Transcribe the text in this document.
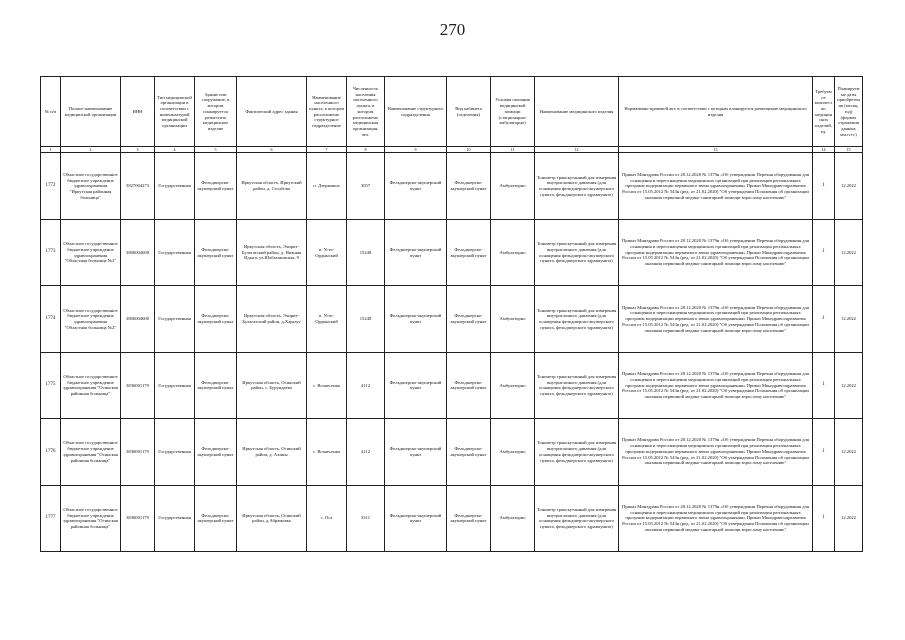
270
№ п/п	Полное наименование медицинской организации	ИНН	Тип медицинской организации в соответствии с номенклатурой медицинской организации	Здание или сооружение, в котором планируется разместить медицинское изделие	Фактический адрес здания	Наименование населенного пункта, в котором расположено структурное подразделение	Численность населения населенного пункта, в котором расположено медицинская организация, чел.	Наименование структурного подразделения	Вид кабинета (отделения)	Условия оказания медицинской помощи (стационарно/амбулаторно)	Наименование медицинского изделия	Нормативно-правовой акт, в соответствии с которым планируется размещение медицинского изделия	Требуемое количество медицинских изделий, ед.	Планируемые даты приобретения (месяц, год) (формат отражения данных мм.гггг.)
1	2	3	4	5	6	7	8	9	10	11	12	13	14	15
1772	Областное государственное бюджетное учреждение здравоохранения "Иркутская районная больница"	3827004273	Государственная	Фельдшерско-акушерский пункт	Иркутская область, Иркутский район, д. Столбова	п. Дзержинск	3057	Фельдшерско-акушерский пункт	Фельдшерско-акушерский пункт	Амбулаторно	Тонометр транскутанный для измерения внутриглазного давления (для оснащения фельдшерско-акушерского пункта, фельдшерского здравпункта)	Приказ Минздрава России от 28.12.2020 № 1379н «Об утверждении Перечня оборудования для оснащения и переоснащения медицинских организаций при реализации региональных программ модернизации первичного звена здравоохранения» Приказ Минздравсоцразвития России от 15.05.2012 № 543н (ред. от 21.02.2020) "Об утверждении Положения об организации оказания первичной медико-санитарной помощи взрослому населению"	1	12.2022
1773	Областное государственное бюджетное учреждение здравоохранения "Областная больница №2"	3806004600	Государственная	Фельдшерско-акушерский пункт	Иркутская область, Эхирит-Булагатский район, д. Нижняя Идыга, ул.Шабагаковская, 9	п. Усть-Ордынский	15248	Фельдшерско-акушерский пункт	Фельдшерско-акушерский пункт	Амбулаторно	Тонометр транскутанный для измерения внутриглазного давления (для оснащения фельдшерско-акушерского пункта, фельдшерского здравпункта)	Приказ Минздрава России от 28.12.2020 № 1379н «Об утверждении Перечня оборудования для оснащения и переоснащения медицинских организаций при реализации региональных программ модернизации первичного звена здравоохранения» Приказ Минздравсоцразвития России от 15.05.2012 № 543н (ред. от 21.02.2020) "Об утверждении Положения об организации оказания первичной медико-санитарной помощи взрослому населению"	1	12.2022
1774	Областное государственное бюджетное учреждение здравоохранения "Областная больница №2"	3806004600	Государственная	Фельдшерско-акушерский пункт	Иркутская область, Эхирит-Булагатский район, д.Харазут	п. Усть-Ордынский	15248	Фельдшерско-акушерский пункт	Фельдшерско-акушерский пункт	Амбулаторно	Тонометр транскутанный для измерения внутриглазного давления (для оснащения фельдшерско-акушерского пункта, фельдшерского здравпункта)	Приказ Минздрава России от 28.12.2020 № 1379н «Об утверждении Перечня оборудования для оснащения и переоснащения медицинских организаций при реализации региональных программ модернизации первичного звена здравоохранения» Приказ Минздравсоцразвития России от 15.05.2012 № 543н (ред. от 21.02.2020) "Об утверждении Положения об организации оказания первичной медико-санитарной помощи взрослому населению"	1	12.2022
1775	Областное государственное бюджетное учреждение здравоохранения "Осинская районная больница"	3836001179	Государственная	Фельдшерско-акушерский пункт	Иркутская область, Осинский район, с. Бурундаева	с. Вознесенка	4112	Фельдшерско-акушерский пункт	Фельдшерско-акушерский пункт	Амбулаторно	Тонометр транскутанный для измерения внутриглазного давления (для оснащения фельдшерско-акушерского пункта, фельдшерского здравпункта)	Приказ Минздрава России от 28.12.2020 № 1379н «Об утверждении Перечня оборудования для оснащения и переоснащения медицинских организаций при реализации региональных программ модернизации первичного звена здравоохранения» Приказ Минздравсоцразвития России от 15.05.2012 № 543н (ред. от 21.02.2020) "Об утверждении Положения об организации оказания первичной медико-санитарной помощи взрослому населению"	1	12.2022
1776	Областное государственное бюджетное учреждение здравоохранения "Осинская районная больница"	3836001179	Государственная	Фельдшерско-акушерский пункт	Иркутская область, Осинский район, д. Ахины	с. Вознесенка	4112	Фельдшерско-акушерский пункт	Фельдшерско-акушерский пункт	Амбулаторно	Тонометр транскутанный для измерения внутриглазного давления (для оснащения фельдшерско-акушерского пункта, фельдшерского здравпункта)	Приказ Минздрава России от 28.12.2020 № 1379н «Об утверждении Перечня оборудования для оснащения и переоснащения медицинских организаций при реализации региональных программ модернизации первичного звена здравоохранения» Приказ Минздравсоцразвития России от 15.05.2012 № 543н (ред. от 21.02.2020) "Об утверждении Положения об организации оказания первичной медико-санитарной помощи взрослому населению"	1	12.2022
1777	Областное государственное бюджетное учреждение здравоохранения "Осинская районная больница"	3836001179	Государственная	Фельдшерско-акушерский пункт	Иркутская область, Осинский район, д.Абрамовка	с. Оса	3311	Фельдшерско-акушерский пункт	Фельдшерско-акушерский пункт	Амбулаторно	Тонометр транскутанный для измерения внутриглазного давления (для оснащения фельдшерско-акушерского пункта, фельдшерского здравпункта)	Приказ Минздрава России от 28.12.2020 № 1379н «Об утверждении Перечня оборудования для оснащения и переоснащения медицинских организаций при реализации региональных программ модернизации первичного звена здравоохранения» Приказ Минздравсоцразвития России от 15.05.2012 № 543н (ред. от 21.02.2020) "Об утверждении Положения об организации оказания первичной медико-санитарной помощи взрослому населению"	1	12.2022
